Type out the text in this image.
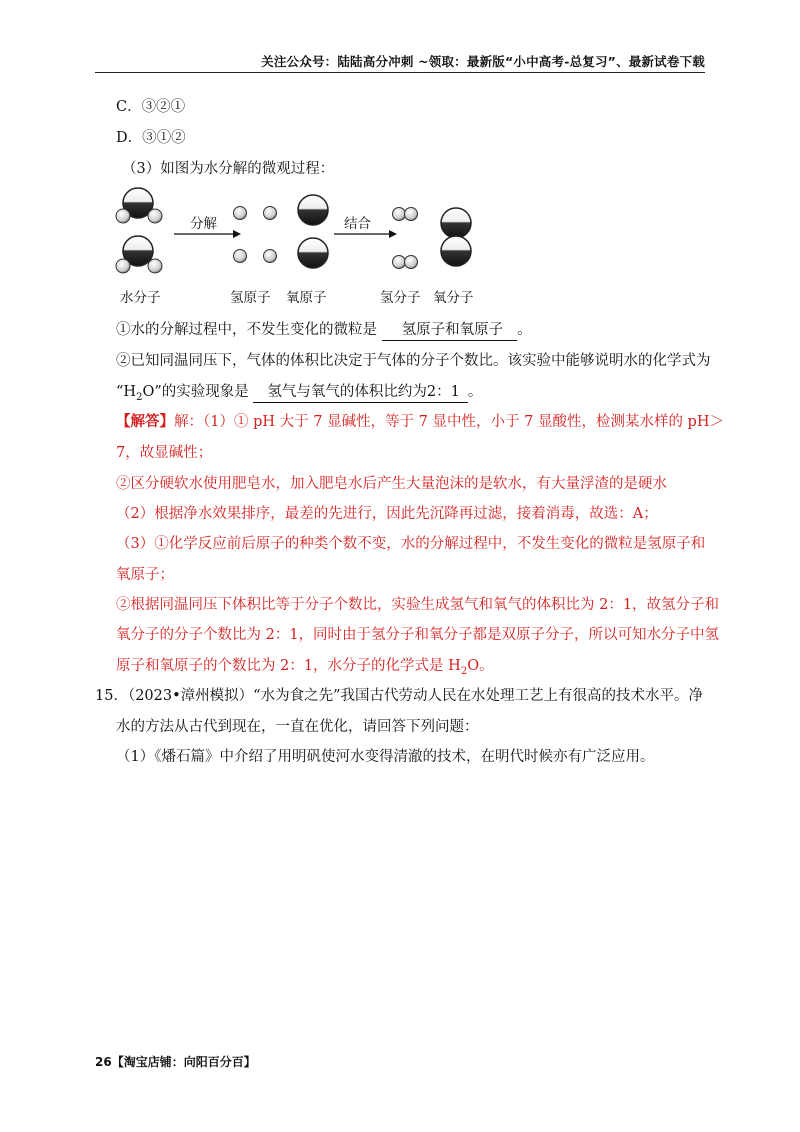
关注公众号：陆陆高分冲刺 ~领取：最新版“小中高考-总复习”、最新试卷下载
C．③②①
D．③①②
（3）如图为水分解的微观过程：
分解	结合
水分子	氢原子 氧原子	氢分子 氧分子
①水的分解过程中，不发生变化的微粒是 氢原子和氧原子 。
②已知同温同压下，气体的体积比决定于气体的分子个数比。该实验中能够说明水的化学式为
“$H_2O$”的实验现象是 氢气与氧气的体积比约为2：1 。
【解答】解：（1）① pH 大于 7 显碱性，等于 7 显中性，小于 7 显酸性，检测某水样的 pH＞
7，故显碱性；
②区分硬软水使用肥皂水，加入肥皂水后产生大量泡沫的是软水，有大量浮渣的是硬水
（2）根据净水效果排序，最差的先进行，因此先沉降再过滤，接着消毒，故选：A；
（3）①化学反应前后原子的种类个数不变，水的分解过程中，不发生变化的微粒是氢原子和
氧原子；
②根据同温同压下体积比等于分子个数比，实验生成氢气和氧气的体积比为 2：1，故氢分子和
氧分子的分子个数比为 2：1，同时由于氢分子和氧分子都是双原子分子，所以可知水分子中氢
原子和氧原子的个数比为 2：1，水分子的化学式是 $H_2O$。
15．（2023•漳州模拟）“水为食之先”我国古代劳动人民在水处理工艺上有很高的技术水平。净
水的方法从古代到现在，一直在优化，请回答下列问题：
（1）《燔石篇》中介绍了用明矾使河水变得清澈的技术，在明代时候亦有广泛应用。
26【淘宝店铺：向阳百分百】
